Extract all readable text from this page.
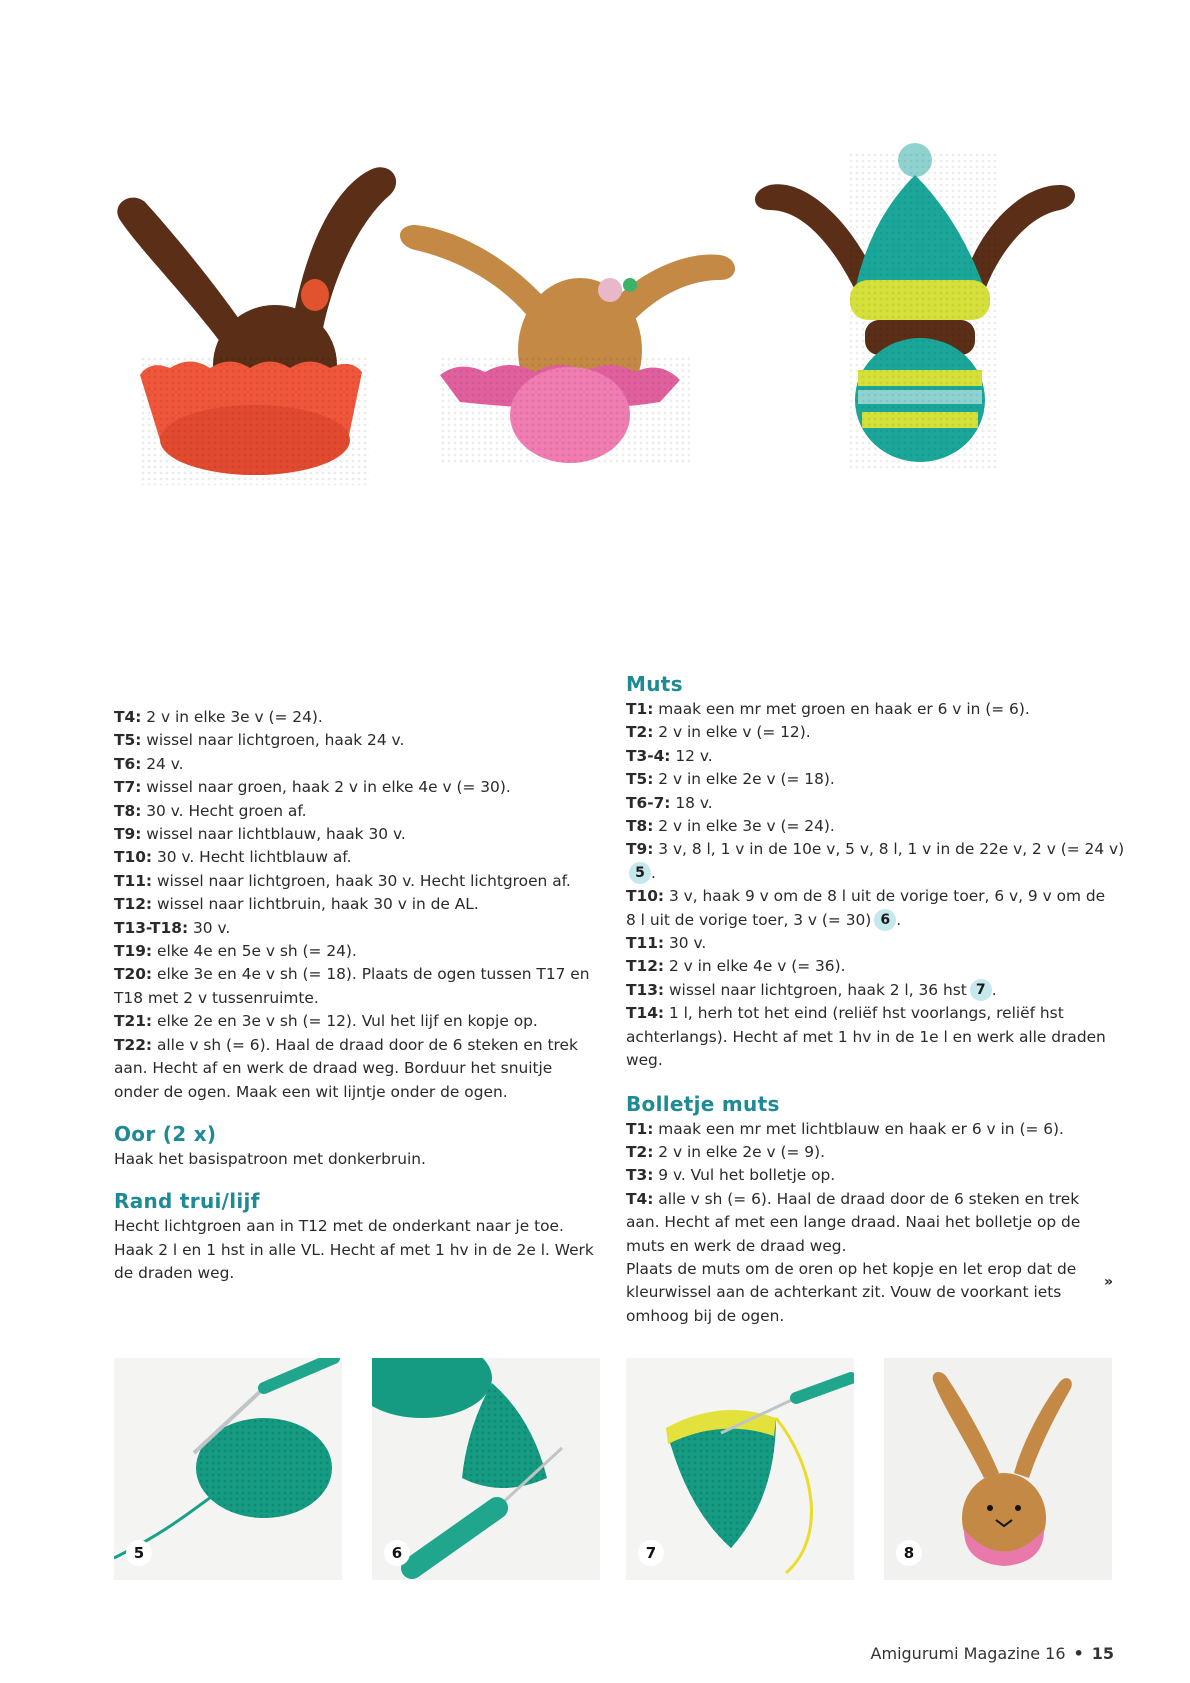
T4: 2 v in elke 3e v (= 24).

T5: wissel naar lichtgroen, haak 24 v.

T6: 24 v.

T7: wissel naar groen, haak 2 v in elke 4e v (= 30).

T8: 30 v. Hecht groen af.

T9: wissel naar lichtblauw, haak 30 v.

T10: 30 v. Hecht lichtblauw af.

T11: wissel naar lichtgroen, haak 30 v. Hecht lichtgroen af.

T12: wissel naar lichtbruin, haak 30 v in de AL.

T13-T18: 30 v.

T19: elke 4e en 5e v sh (= 24).

T20: elke 3e en 4e v sh (= 18). Plaats de ogen tussen T17 en

T18 met 2 v tussenruimte.

T21: elke 2e en 3e v sh (= 12). Vul het lijf en kopje op.

T22: alle v sh (= 6). Haal de draad door de 6 steken en trek

aan. Hecht af en werk de draad weg. Borduur het snuitje

onder de ogen. Maak een wit lijntje onder de ogen.

Oor (2 x)

Haak het basispatroon met donkerbruin.

Rand trui/lijf

Hecht lichtgroen aan in T12 met de onderkant naar je toe.

Haak 2 l en 1 hst in alle VL. Hecht af met 1 hv in de 2e l. Werk

de draden weg.

Muts

T1: maak een mr met groen en haak er 6 v in (= 6).

T2: 2 v in elke v (= 12).

T3-4: 12 v.

T5: 2 v in elke 2e v (= 18).

T6-7: 18 v.

T8: 2 v in elke 3e v (= 24).

T9: 3 v, 8 l, 1 v in de 10e v, 5 v, 8 l, 1 v in de 22e v, 2 v (= 24 v)5 .

T10: 3 v, haak 9 v om de 8 l uit de vorige toer, 6 v, 9 v om de

8 l uit de vorige toer, 3 v (= 30) 6 .

T11: 30 v.

T12: 2 v in elke 4e v (= 36).

T13: wissel naar lichtgroen, haak 2 l, 36 hst 7 .

T14: 1 l, herh tot het eind (reliëf hst voorlangs, reliëf hst

achterlangs). Hecht af met 1 hv in de 1e l en werk alle draden

weg.

Bolletje muts

T1: maak een mr met lichtblauw en haak er 6 v in (= 6).

T2: 2 v in elke 2e v (= 9).

T3: 9 v. Vul het bolletje op.

T4: alle v sh (= 6). Haal de draad door de 6 steken en trek

aan. Hecht af met een lange draad. Naai het bolletje op de

muts en werk de draad weg.

Plaats de muts om de oren op het kopje en let erop dat de

kleurwissel aan de achterkant zit. Vouw de voorkant iets

omhoog bij de ogen.

»
5	6	7	8
Amigurumi Magazine 16 • 15
